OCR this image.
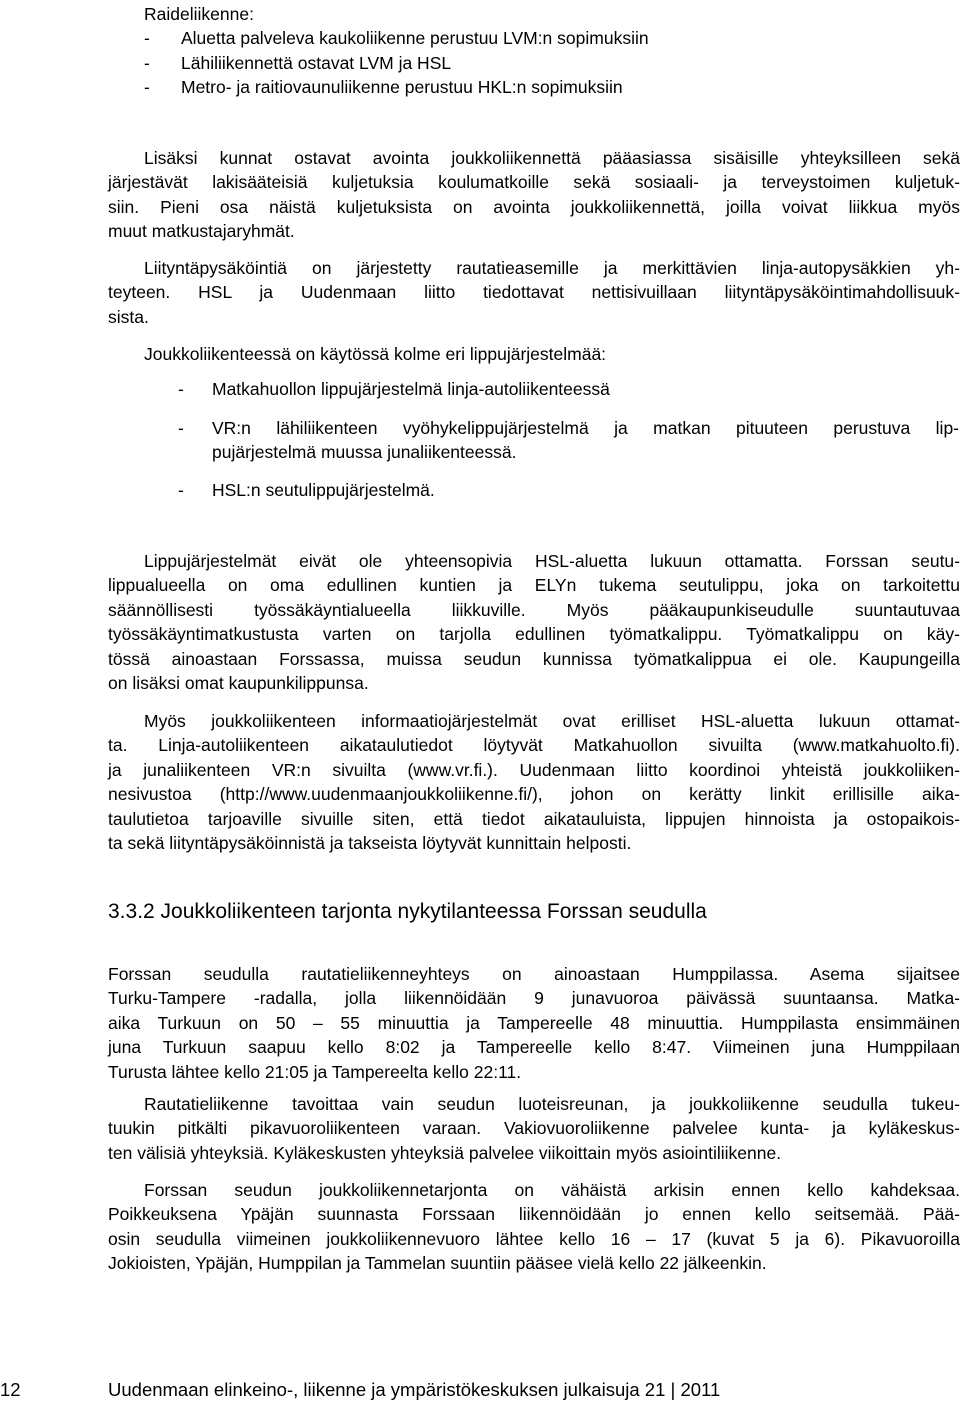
Raideliikenne:
- Aluetta palveleva kaukoliikenne perustuu LVM:n sopimuksiin
- Lähiliikennettä ostavat LVM ja HSL
- Metro- ja raitiovaunuliikenne perustuu HKL:n sopimuksiin
Lisäksi kunnat ostavat avointa joukkoliikennettä pääasiassa sisäisille yhteyksilleen sekä
järjestävät lakisääteisiä kuljetuksia koulumatkoille sekä sosiaali- ja terveystoimen kuljetuk-
siin. Pieni osa näistä kuljetuksista on avointa joukkoliikennettä, joilla voivat liikkua myös
muut matkustajaryhmät.
Liityntäpysäköintiä on järjestetty rautatieasemille ja merkittävien linja-autopysäkkien yh-
teyteen. HSL ja Uudenmaan liitto tiedottavat nettisivuillaan liityntäpysäköintimahdollisuuk-
sista.
Joukkoliikenteessä on käytössä kolme eri lippujärjestelmää:
- Matkahuollon lippujärjestelmä linja-autoliikenteessä
- VR:n lähiliikenteen vyöhykelippujärjestelmä ja matkan pituuteen perustuva lip-
pujärjestelmä muussa junaliikenteessä.
- HSL:n seutulippujärjestelmä.
Lippujärjestelmät eivät ole yhteensopivia HSL-aluetta lukuun ottamatta. Forssan seutu-
lippualueella on oma edullinen kuntien ja ELYn tukema seutulippu, joka on tarkoitettu
säännöllisesti työssäkäyntialueella liikkuville. Myös pääkaupunkiseudulle suuntautuvaa
työssäkäyntimatkustusta varten on tarjolla edullinen työmatkalippu. Työmatkalippu on käy-
tössä ainoastaan Forssassa, muissa seudun kunnissa työmatkalippua ei ole. Kaupungeilla
on lisäksi omat kaupunkilippunsa.
Myös joukkoliikenteen informaatiojärjestelmät ovat erilliset HSL-aluetta lukuun ottamat-
ta. Linja-autoliikenteen aikataulutiedot löytyvät Matkahuollon sivuilta (www.matkahuolto.fi).
ja junaliikenteen VR:n sivuilta (www.vr.fi.). Uudenmaan liitto koordinoi yhteistä joukkoliiken-
nesivustoa (http://www.uudenmaanjoukkoliikenne.fi/), johon on kerätty linkit erillisille aika-
taulutietoa tarjoaville sivuille siten, että tiedot aikatauluista, lippujen hinnoista ja ostopaikois-
ta sekä liityntäpysäköinnistä ja takseista löytyvät kunnittain helposti.
3.3.2 Joukkoliikenteen tarjonta nykytilanteessa Forssan seudulla
Forssan seudulla rautatieliikenneyhteys on ainoastaan Humppilassa. Asema sijaitsee
Turku-Tampere -radalla, jolla liikennöidään 9 junavuoroa päivässä suuntaansa. Matka-
aika Turkuun on 50 – 55 minuuttia ja Tampereelle 48 minuuttia. Humppilasta ensimmäinen
juna Turkuun saapuu kello 8:02 ja Tampereelle kello 8:47. Viimeinen juna Humppilaan
Turusta lähtee kello 21:05 ja Tampereelta kello 22:11.
Rautatieliikenne tavoittaa vain seudun luoteisreunan, ja joukkoliikenne seudulla tukeu-
tuukin pitkälti pikavuoroliikenteen varaan. Vakiovuoroliikenne palvelee kunta- ja kyläkeskus-
ten välisiä yhteyksiä. Kyläkeskusten yhteyksiä palvelee viikoittain myös asiointiliikenne.
Forssan seudun joukkoliikennetarjonta on vähäistä arkisin ennen kello kahdeksaa.
Poikkeuksena Ypäjän suunnasta Forssaan liikennöidään jo ennen kello seitsemää. Pää-
osin seudulla viimeinen joukkoliikennevuoro lähtee kello 16 – 17 (kuvat 5 ja 6). Pikavuoroilla
Jokioisten, Ypäjän, Humppilan ja Tammelan suuntiin pääsee vielä kello 22 jälkeenkin.
12	Uudenmaan elinkeino-, liikenne ja ympäristökeskuksen julkaisuja 21 | 2011
